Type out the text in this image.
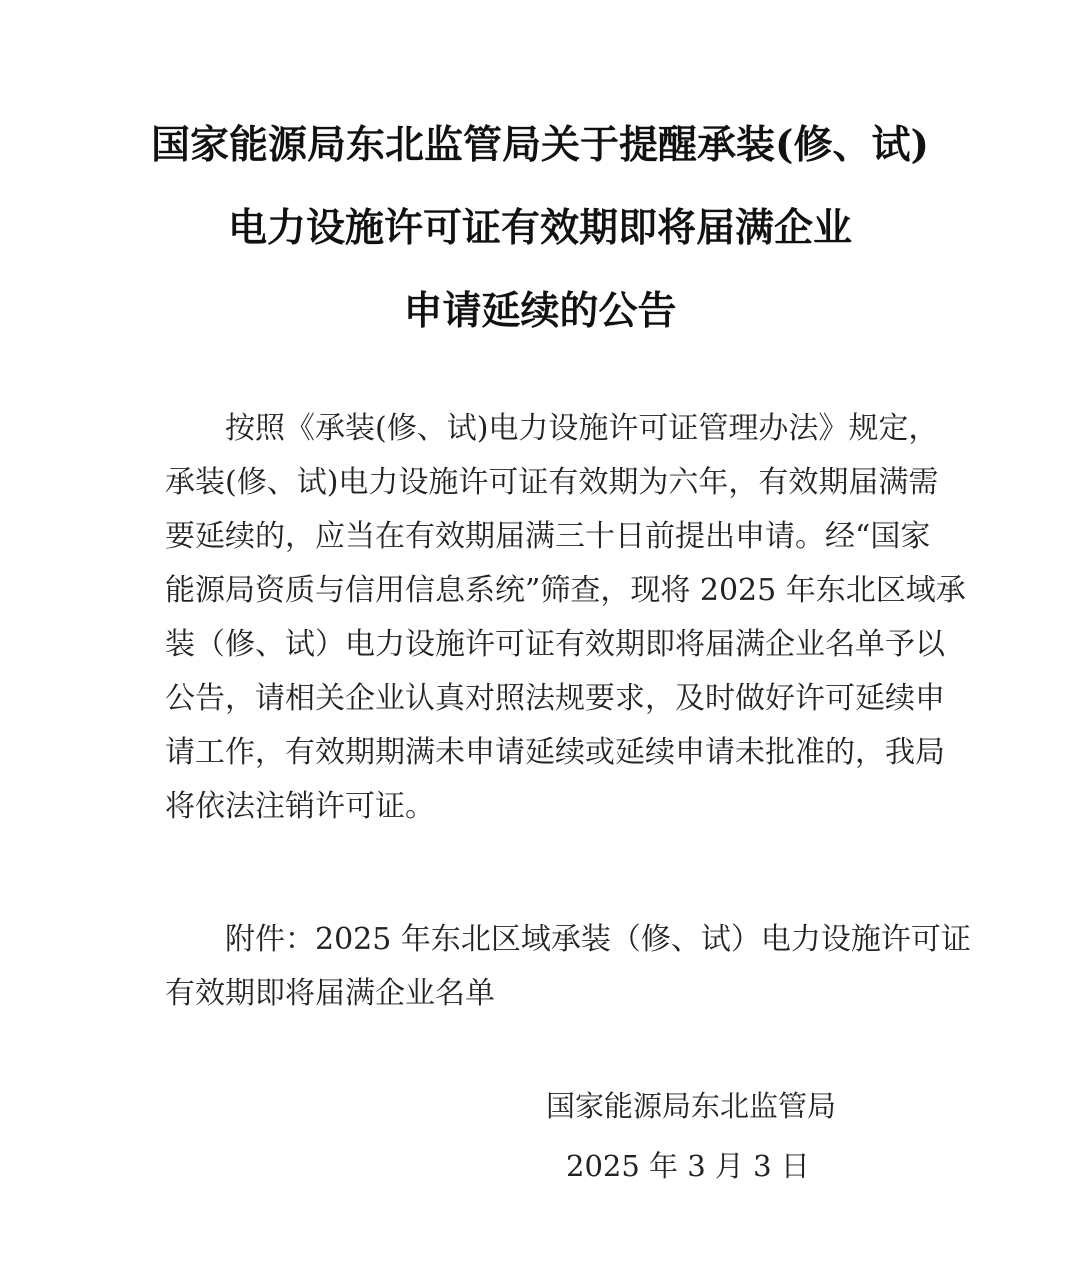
国家能源局东北监管局关于提醒承装(修、试)
电力设施许可证有效期即将届满企业
申请延续的公告
按照《承装(修、试)电力设施许可证管理办法》规定，
承装(修、试)电力设施许可证有效期为六年，有效期届满需
要延续的，应当在有效期届满三十日前提出申请。经“国家
能源局资质与信用信息系统”筛查，现将 2025 年东北区域承
装（修、试）电力设施许可证有效期即将届满企业名单予以
公告，请相关企业认真对照法规要求，及时做好许可延续申
请工作，有效期期满未申请延续或延续申请未批准的，我局
将依法注销许可证。
附件：2025 年东北区域承装（修、试）电力设施许可证
有效期即将届满企业名单
国家能源局东北监管局
2025 年 3 月 3 日
